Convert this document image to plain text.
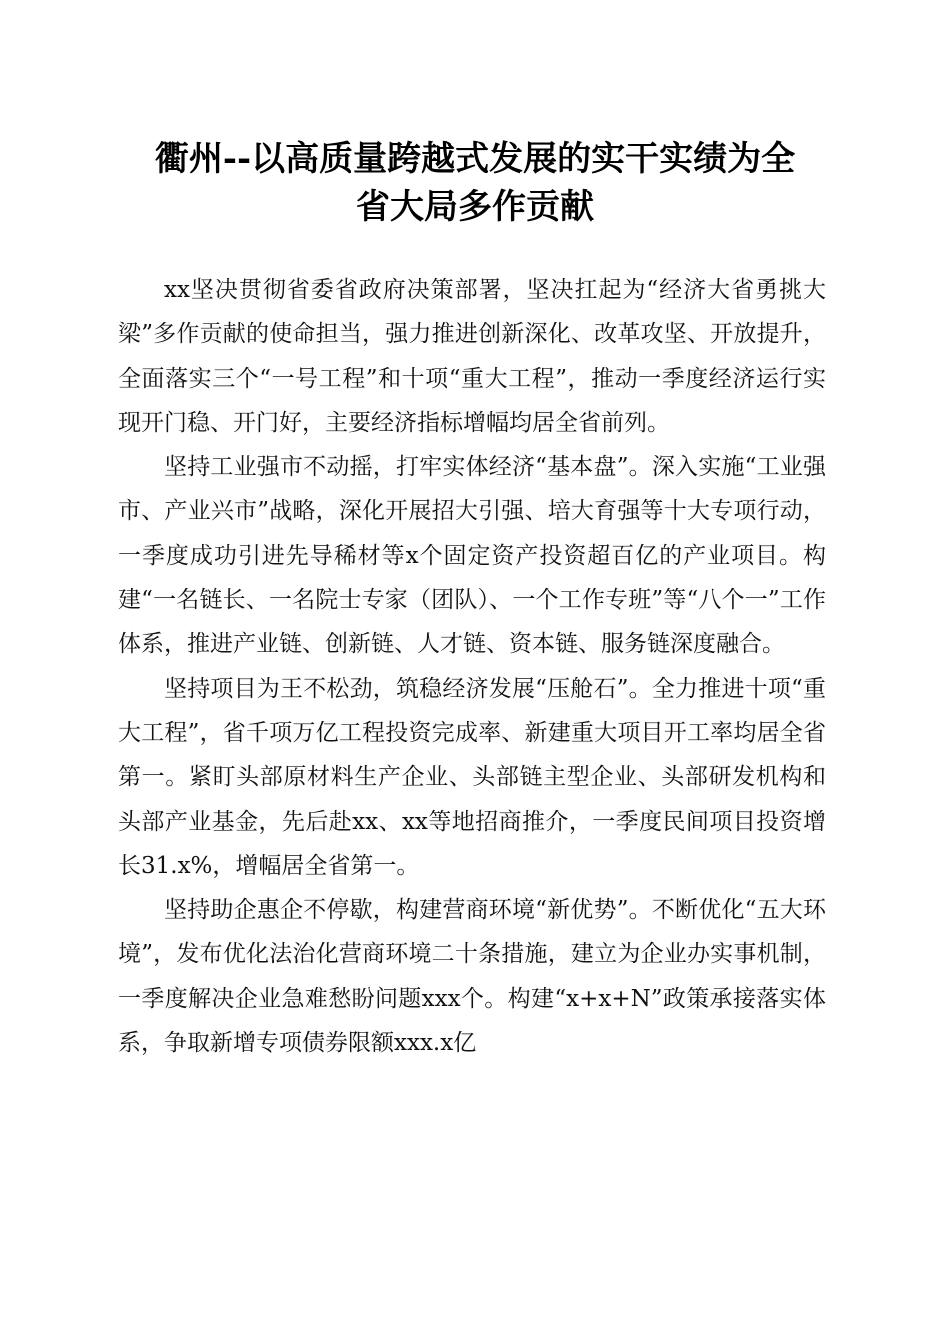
衢州--以高质量跨越式发展的实干实绩为全
省大局多作贡献

xx坚决贯彻省委省政府决策部署，坚决扛起为“经济大省勇挑大梁”多作贡献的使命担当，强力推进创新深化、改革攻坚、开放提升，全面落实三个“一号工程”和十项“重大工程”，推动一季度经济运行实现开门稳、开门好，主要经济指标增幅均居全省前列。

坚持工业强市不动摇，打牢实体经济“基本盘”。深入实施“工业强市、产业兴市”战略，深化开展招大引强、培大育强等十大专项行动，一季度成功引进先导稀材等x个固定资产投资超百亿的产业项目。构建“一名链长、一名院士专家（团队）、一个工作专班”等“八个一”工作体系，推进产业链、创新链、人才链、资本链、服务链深度融合。

坚持项目为王不松劲，筑稳经济发展“压舱石”。全力推进十项“重大工程”，省千项万亿工程投资完成率、新建重大项目开工率均居全省第一。紧盯头部原材料生产企业、头部链主型企业、头部研发机构和头部产业基金，先后赴xx、xx等地招商推介，一季度民间项目投资增长31.x%，增幅居全省第一。

坚持助企惠企不停歇，构建营商环境“新优势”。不断优化“五大环境”，发布优化法治化营商环境二十条措施，建立为企业办实事机制，一季度解决企业急难愁盼问题xxx个。构建“x+x+N”政策承接落实体系，争取新增专项债券限额xxx.x亿
